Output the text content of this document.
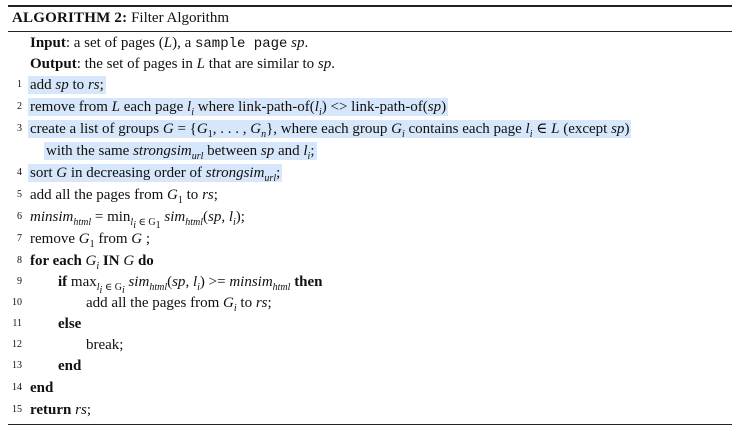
ALGORITHM 2: Filter Algorithm
Input: a set of pages (L), a sample page sp.
Output: the set of pages in L that are similar to sp.
1 add sp to rs;
2 remove from L each page $l_i$ where link-$path-of(l_i)$ <> link-path-of(sp)
3 create a list of groups $G = \{G_1$, . . . , $G_n$}, where each group $G_i$ contains each page $l_i$ ∈ L (except sp)
with the same strongsim$_{url}$ between sp and $l_i$;
4 sort G in decreasing order of strongsim$_{url}$;
5 add all the pages from $G_1$ to rs;
6 minsim$_{html}$ = $\min_{l_i \in G_1} sim_{html}(sp$, $l_i$);
7 remove $G_1$ from G ;
8 for each $G_i$ IN G do
9 if $\max_{l_i \in G_i} sim_{html}(sp$, $l_i$) >= minsim$_{html}$ then
10	add all the pages from $G_i$ to rs;
11 else
12	break;
13 end
14 end
15 return rs;
